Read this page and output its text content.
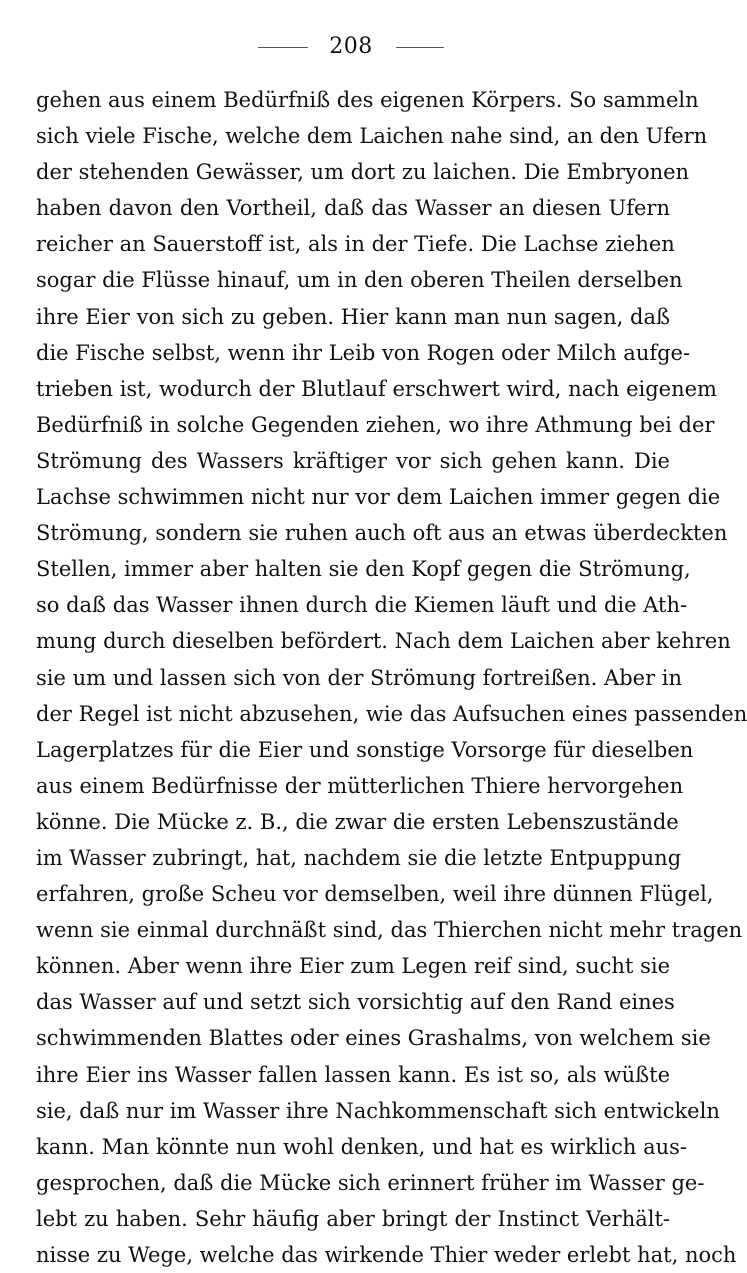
208
gehen aus einem Bedürfniß des eigenen Körpers. So sammeln
sich viele Fische, welche dem Laichen nahe sind, an den Ufern
der stehenden Gewässer, um dort zu laichen. Die Embryonen
haben davon den Vortheil, daß das Wasser an diesen Ufern
reicher an Sauerstoff ist, als in der Tiefe. Die Lachse ziehen
sogar die Flüsse hinauf, um in den oberen Theilen derselben
ihre Eier von sich zu geben. Hier kann man nun sagen, daß
die Fische selbst, wenn ihr Leib von Rogen oder Milch aufge-
trieben ist, wodurch der Blutlauf erschwert wird, nach eigenem
Bedürfniß in solche Gegenden ziehen, wo ihre Athmung bei der
Strömung des Wassers kräftiger vor sich gehen kann. Die
Lachse schwimmen nicht nur vor dem Laichen immer gegen die
Strömung, sondern sie ruhen auch oft aus an etwas überdeckten
Stellen, immer aber halten sie den Kopf gegen die Strömung,
so daß das Wasser ihnen durch die Kiemen läuft und die Ath-
mung durch dieselben befördert. Nach dem Laichen aber kehren
sie um und lassen sich von der Strömung fortreißen. Aber in
der Regel ist nicht abzusehen, wie das Aufsuchen eines passenden
Lagerplatzes für die Eier und sonstige Vorsorge für dieselben
aus einem Bedürfnisse der mütterlichen Thiere hervorgehen
könne. Die Mücke z. B., die zwar die ersten Lebenszustände
im Wasser zubringt, hat, nachdem sie die letzte Entpuppung
erfahren, große Scheu vor demselben, weil ihre dünnen Flügel,
wenn sie einmal durchnäßt sind, das Thierchen nicht mehr tragen
können. Aber wenn ihre Eier zum Legen reif sind, sucht sie
das Wasser auf und setzt sich vorsichtig auf den Rand eines
schwimmenden Blattes oder eines Grashalms, von welchem sie
ihre Eier ins Wasser fallen lassen kann. Es ist so, als wüßte
sie, daß nur im Wasser ihre Nachkommenschaft sich entwickeln
kann. Man könnte nun wohl denken, und hat es wirklich aus-
gesprochen, daß die Mücke sich erinnert früher im Wasser ge-
lebt zu haben. Sehr häufig aber bringt der Instinct Verhält-
nisse zu Wege, welche das wirkende Thier weder erlebt hat, noch
